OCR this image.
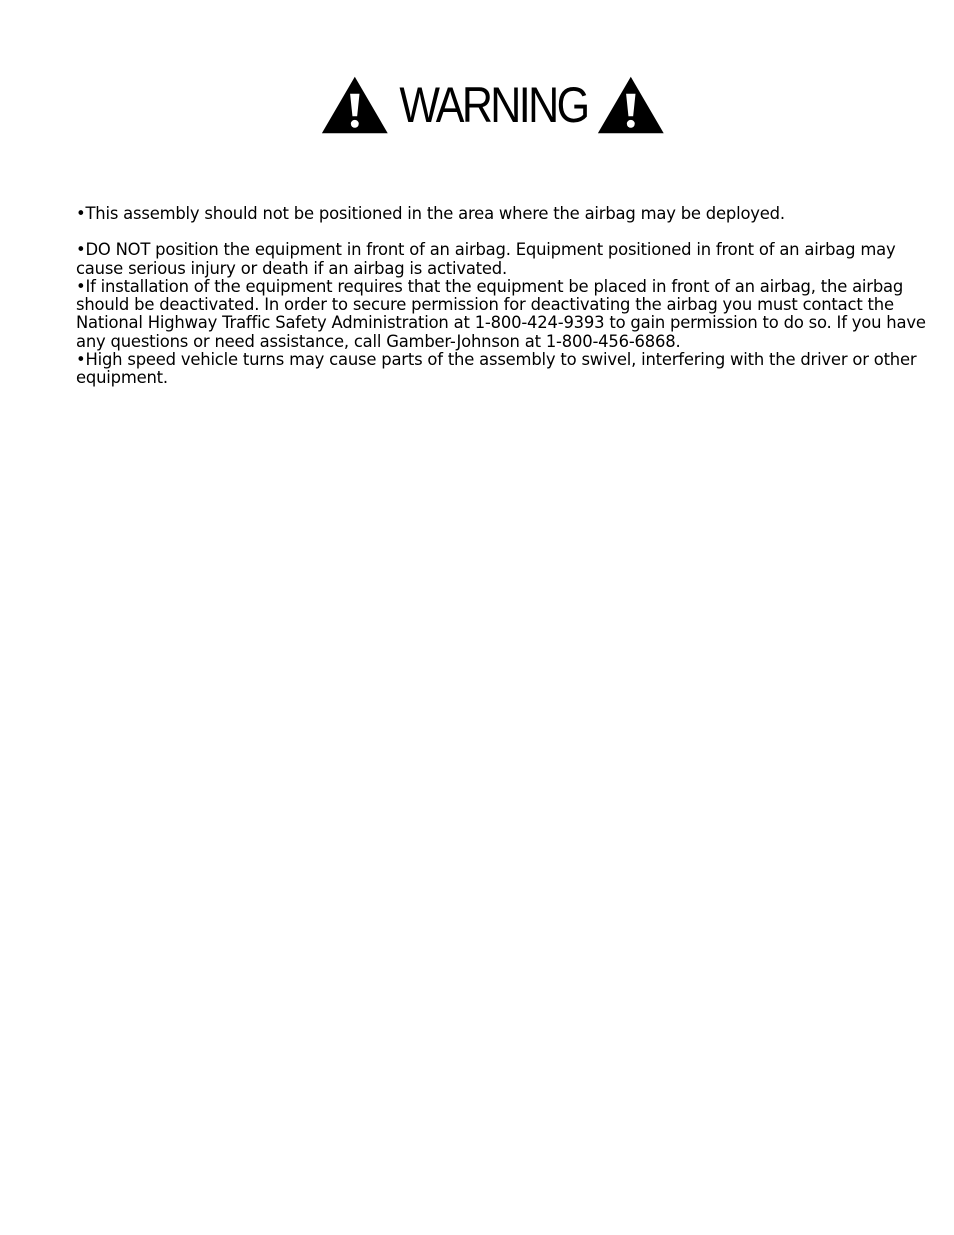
WARNING

•This assembly should not be positioned in the area where the airbag may be deployed.

•DO NOT position the equipment in front of an airbag. Equipment positioned in front of an airbag may cause serious injury or death if an airbag is activated.

•If installation of the equipment requires that the equipment be placed in front of an airbag, the airbag should be deactivated. In order to secure permission for deactivating the airbag you must contact the National Highway Traffic Safety Administration at 1-800-424-9393 to gain permission to do so. If you have any questions or need assistance, call Gamber-Johnson at 1-800-456-6868.

•High speed vehicle turns may cause parts of the assembly to swivel, interfering with the driver or other equipment.
